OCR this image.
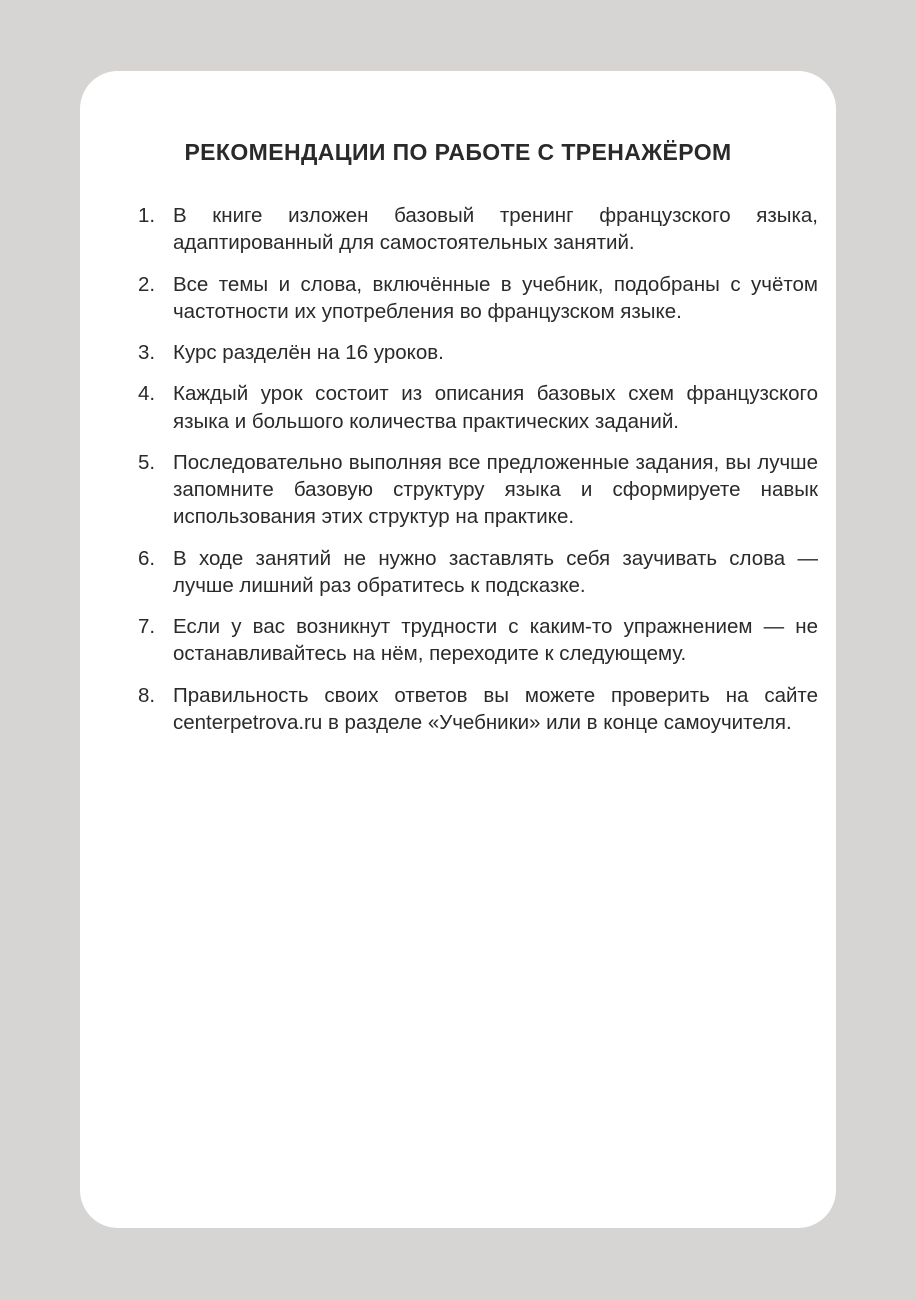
РЕКОМЕНДАЦИИ ПО РАБОТЕ С ТРЕНАЖЁРОМ
1. В книге изложен базовый тренинг французского языка, адаптированный для самостоятельных занятий.
2. Все темы и слова, включённые в учебник, подобраны с учётом частотности их употребления во французском языке.
3. Курс разделён на 16 уроков.
4. Каждый урок состоит из описания базовых схем французского языка и большого количества практических заданий.
5. Последовательно выполняя все предложенные задания, вы лучше запомните базовую структуру языка и сформируете навык использования этих структур на практике.
6. В ходе занятий не нужно заставлять себя заучивать слова — лучше лишний раз обратитесь к подсказке.
7. Если у вас возникнут трудности с каким-то упражнением — не останавливайтесь на нём, переходите к следующему.
8. Правильность своих ответов вы можете проверить на сайте centerpetrova.ru в разделе «Учебники» или в конце самоучителя.
